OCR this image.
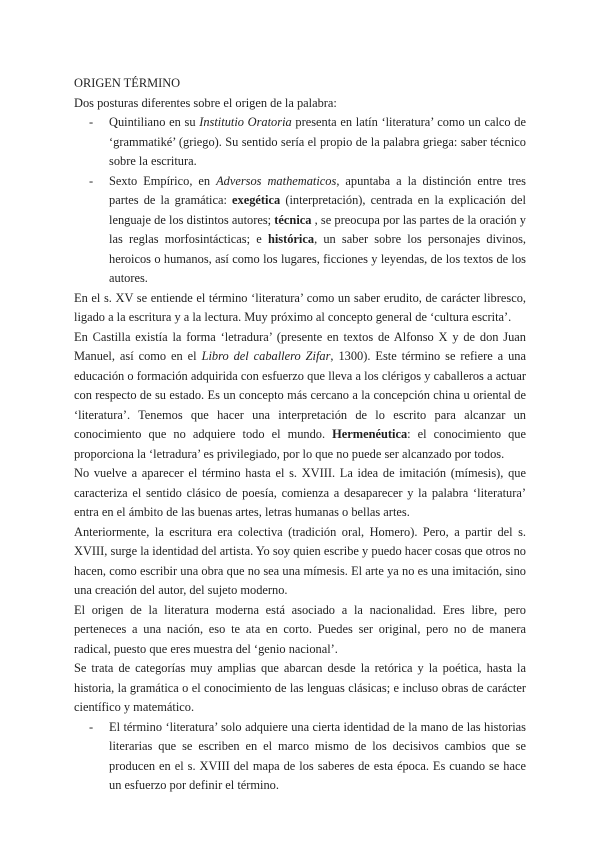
ORIGEN TÉRMINO

Dos posturas diferentes sobre el origen de la palabra:

- Quintiliano en su Institutio Oratoria presenta en latín ‘literatura’ como un calco de ‘grammatiké’ (griego). Su sentido sería el propio de la palabra griega: saber técnico sobre la escritura.
- Sexto Empírico, en Adversos mathematicos, apuntaba a la distinción entre tres partes de la gramática: exegética (interpretación), centrada en la explicación del lenguaje de los distintos autores; técnica , se preocupa por las partes de la oración y las reglas morfosintácticas; e histórica, un saber sobre los personajes divinos, heroicos o humanos, así como los lugares, ficciones y leyendas, de los textos de los autores.

En el s. XV se entiende el término ‘literatura’ como un saber erudito, de carácter libresco, ligado a la escritura y a la lectura. Muy próximo al concepto general de ‘cultura escrita’.

En Castilla existía la forma ‘letradura’ (presente en textos de Alfonso X y de don Juan Manuel, así como en el Libro del caballero Zifar, 1300). Este término se refiere a una educación o formación adquirida con esfuerzo que lleva a los clérigos y caballeros a actuar con respecto de su estado. Es un concepto más cercano a la concepción china u oriental de ‘literatura’. Tenemos que hacer una interpretación de lo escrito para alcanzar un conocimiento que no adquiere todo el mundo. Hermenéutica: el conocimiento que proporciona la ‘letradura’ es privilegiado, por lo que no puede ser alcanzado por todos.

No vuelve a aparecer el término hasta el s. XVIII. La idea de imitación (mímesis), que caracteriza el sentido clásico de poesía, comienza a desaparecer y la palabra ‘literatura’ entra en el ámbito de las buenas artes, letras humanas o bellas artes.

Anteriormente, la escritura era colectiva (tradición oral, Homero). Pero, a partir del s. XVIII, surge la identidad del artista. Yo soy quien escribe y puedo hacer cosas que otros no hacen, como escribir una obra que no sea una mímesis. El arte ya no es una imitación, sino una creación del autor, del sujeto moderno.

El origen de la literatura moderna está asociado a la nacionalidad. Eres libre, pero perteneces a una nación, eso te ata en corto. Puedes ser original, pero no de manera radical, puesto que eres muestra del ‘genio nacional’.

Se trata de categorías muy amplias que abarcan desde la retórica y la poética, hasta la historia, la gramática o el conocimiento de las lenguas clásicas; e incluso obras de carácter científico y matemático.

- El término ‘literatura’ solo adquiere una cierta identidad de la mano de las historias literarias que se escriben en el marco mismo de los decisivos cambios que se producen en el s. XVIII del mapa de los saberes de esta época. Es cuando se hace un esfuerzo por definir el término.
